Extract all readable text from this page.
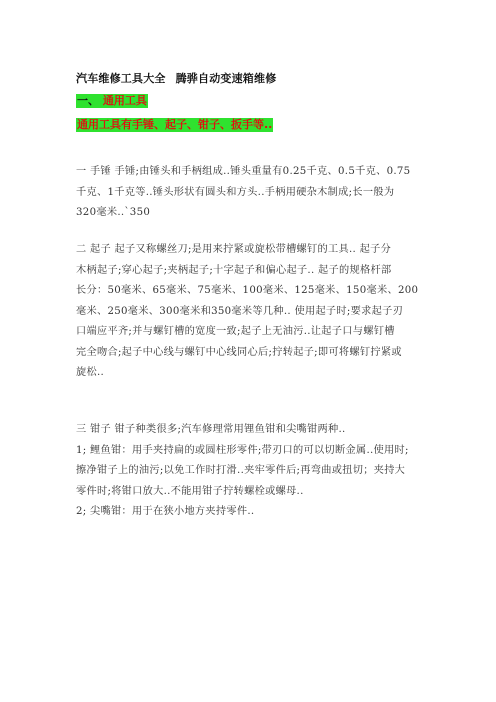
汽车维修工具大全 腾骅自动变速箱维修
一、 通用工具
通用工具有手锤、起子、钳子、扳手等..
一 手锤 手锤;由锤头和手柄组成..锤头重量有0.25千克、0.5千克、0.75
千克、1千克等..锤头形状有圆头和方头..手柄用硬杂木制成;长一般为
320毫米..`350
二 起子 起子又称螺丝刀;是用来拧紧或旋松带槽螺钉的工具.. 起子分
木柄起子;穿心起子;夹柄起子;十字起子和偏心起子.. 起子的规格杆部
长分：50毫米、65毫米、75毫米、100毫米、125毫米、150毫米、200
毫米、250毫米、300毫米和350毫米等几种.. 使用起子时;要求起子刃
口端应平齐;并与螺钉槽的宽度一致;起子上无油污..让起子口与螺钉槽
完全吻合;起子中心线与螺钉中心线同心后;拧转起子;即可将螺钉拧紧或
旋松..
三 钳子 钳子种类很多;汽车修理常用锂鱼钳和尖嘴钳两种..
1; 鲤鱼钳：用手夹持扁的或圆柱形零件;带刃口的可以切断金属..使用时;
擦净钳子上的油污;以免工作时打滑..夹牢零件后;再弯曲或扭切；夹持大
零件时;将钳口放大..不能用钳子拧转螺栓或螺母..
2; 尖嘴钳：用于在狭小地方夹持零件..
